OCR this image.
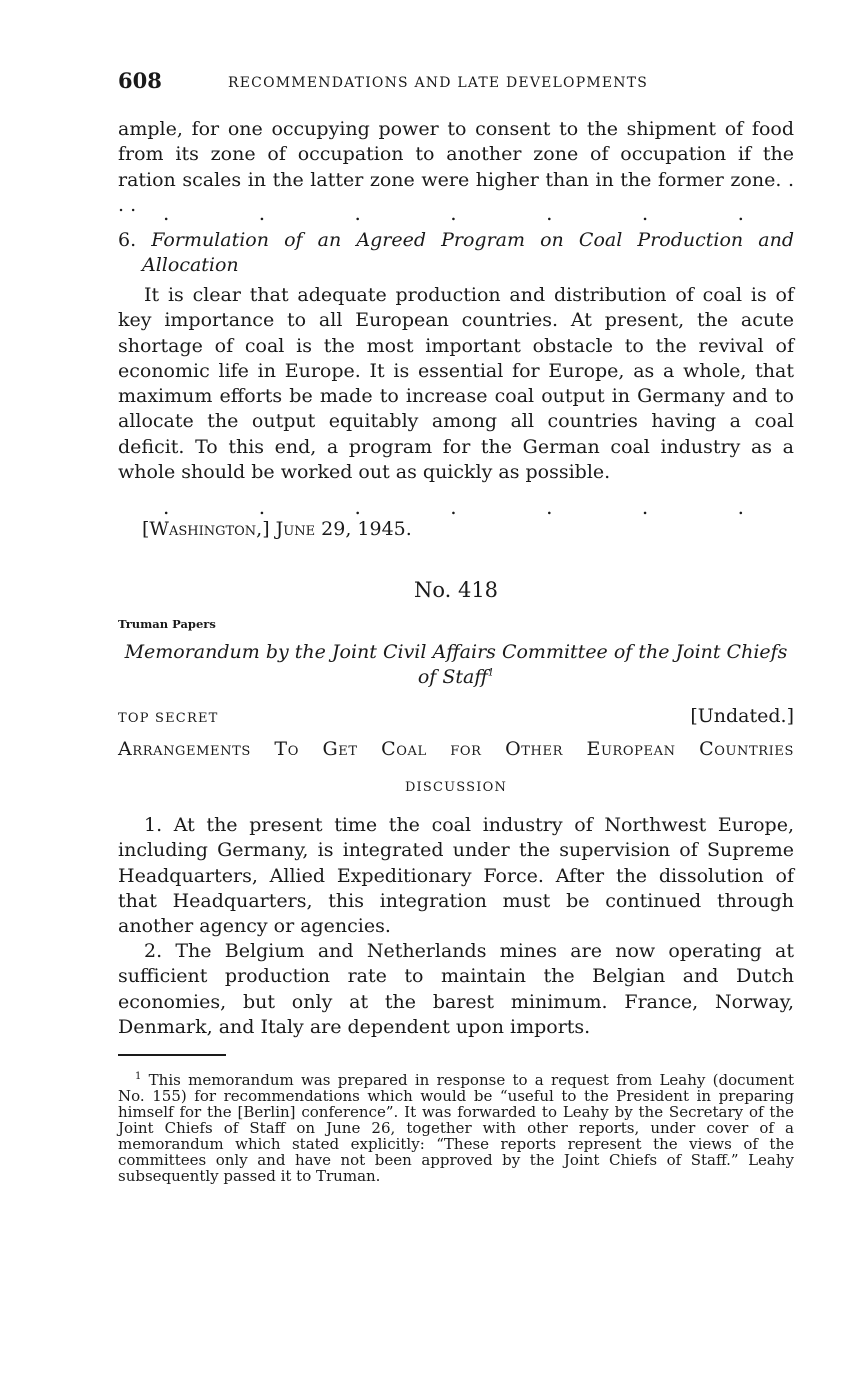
608	RECOMMENDATIONS AND LATE DEVELOPMENTS

ample, for one occupying power to consent to the shipment of food from its zone of occupation to another zone of occupation if the ration scales in the latter zone were higher than in the former zone. . . .	.	.	.	.	.	.	.
6. Formulation of an Agreed Program on Coal Production and Allocation

It is clear that adequate production and distribution of coal is of key importance to all European countries. At present, the acute shortage of coal is the most important obstacle to the revival of economic life in Europe. It is essential for Europe, as a whole, that maximum efforts be made to increase coal output in Germany and to allocate the output equitably among all countries having a coal deficit. To this end, a program for the German coal industry as a whole should be worked out as quickly as possible.

.	.	.	.	.	.	.
[Washington,] June 29, 1945.
No. 418
Truman Papers
Memorandum by the Joint Civil Affairs Committee of the Joint Chiefs of Staff$^1$
TOP SECRET	[Undated.]
Arrangements To Get Coal for Other European Countries
DISCUSSION

1. At the present time the coal industry of Northwest Europe, including Germany, is integrated under the supervision of Supreme Headquarters, Allied Expeditionary Force. After the dissolution of that Headquarters, this integration must be continued through another agency or agencies.

2. The Belgium and Netherlands mines are now operating at sufficient production rate to maintain the Belgian and Dutch economies, but only at the barest minimum. France, Norway, Denmark, and Italy are dependent upon imports.

$^1$ This memorandum was prepared in response to a request from Leahy (document No. 155) for recommendations which would be “useful to the President in preparing himself for the [Berlin] conference”. It was forwarded to Leahy by the Secretary of the Joint Chiefs of Staff on June 26, together with other reports, under cover of a memorandum which stated explicitly: “These reports represent the views of the committees only and have not been approved by the Joint Chiefs of Staff.” Leahy subsequently passed it to Truman.
